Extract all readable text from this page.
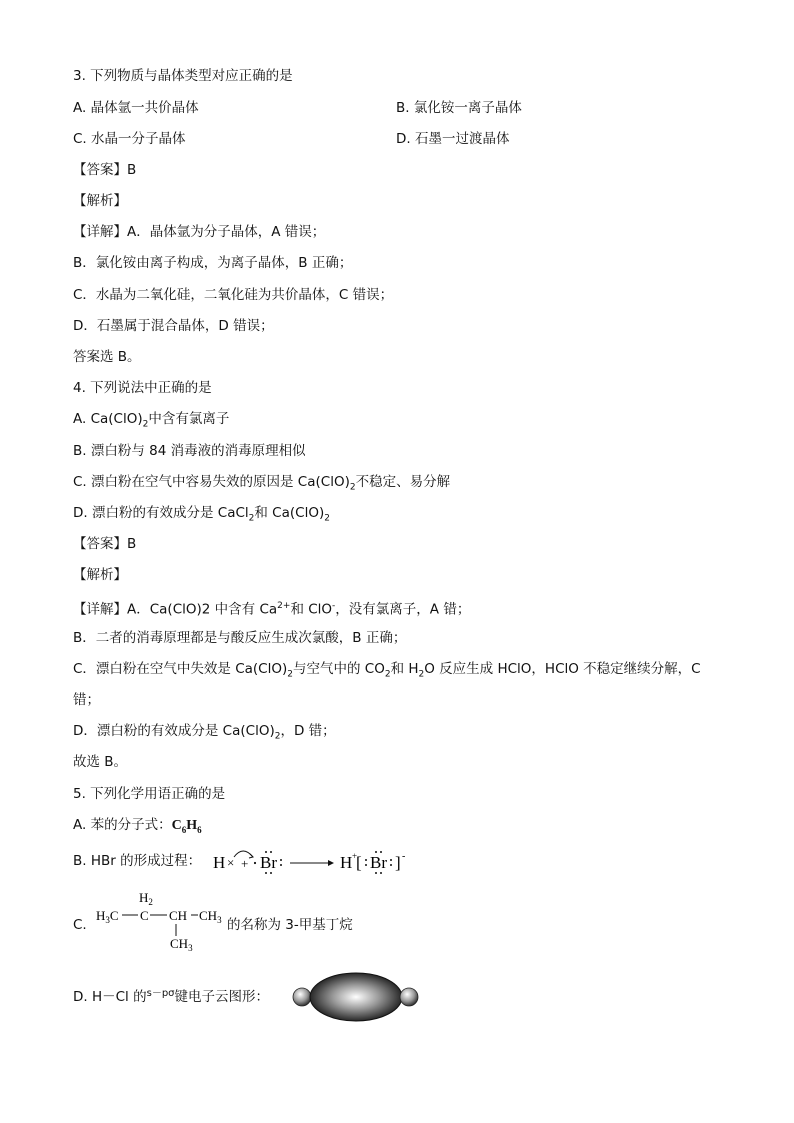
3. 下列物质与晶体类型对应正确的是
A. 晶体氩一共价晶体	B. 氯化铵一离子晶体
C. 水晶一分子晶体	D. 石墨一过渡晶体
【答案】B
【解析】
【详解】A．晶体氩为分子晶体，A 错误；
B．氯化铵由离子构成，为离子晶体，B 正确；
C．水晶为二氧化硅，二氧化硅为共价晶体，C 错误；
D．石墨属于混合晶体，D 错误；
答案选 B。
4. 下列说法中正确的是
A. $Ca(ClO)_2$中含有氯离子
B. 漂白粉与 84 消毒液的消毒原理相似
C. 漂白粉在空气中容易失效的原因是 $Ca(ClO)_2$不稳定、易分解
D. 漂白粉的有效成分是 CaCl$_2$和 $Ca(ClO)_2$
【答案】B
【解析】
【详解】A．Ca(ClO)2 中含有 $Ca^{2+}$和 ClO-，没有氯离子，A 错；
B．二者的消毒原理都是与酸反应生成次氯酸，B 正确；
C．漂白粉在空气中失效是 $Ca(ClO)_2$与空气中的 $CO_2$和 $H_2O$ 反应生成 HClO，HClO 不稳定继续分解，C
错；
D．漂白粉的有效成分是 $Ca(ClO)_2$，D 错；
故选 B。
5. 下列化学用语正确的是
A. 苯的分子式：$C_6H_6$
B. HBr 的形成过程： H × + Br	H +
[ Br ] -
C.
$H_2$
$H_3C$ C CH $CH_3$
$CH_3$
的名称为 3-甲基丁烷
D. H－Cl 的$^{s-p\sigma}$键电子云图形：
